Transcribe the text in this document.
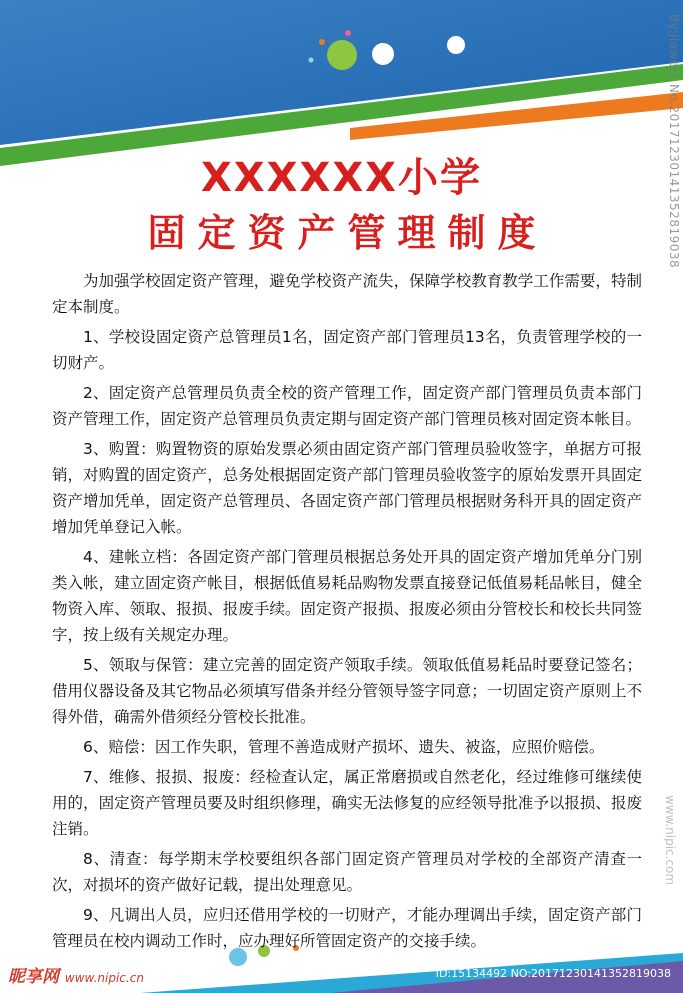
XXXXXX小学
固定资产管理制度

为加强学校固定资产管理，避免学校资产流失，保障学校教育教学工作需要，特制定本制度。

1、学校设固定资产总管理员1名，固定资产部门管理员13名，负责管理学校的一切财产。

2、固定资产总管理员负责全校的资产管理工作，固定资产部门管理员负责本部门资产管理工作，固定资产总管理员负责定期与固定资产部门管理员核对固定资本帐目。

3、购置：购置物资的原始发票必须由固定资产部门管理员验收签字，单据方可报销，对购置的固定资产，总务处根据固定资产部门管理员验收签字的原始发票开具固定资产增加凭单，固定资产总管理员、各固定资产部门管理员根据财务科开具的固定资产增加凭单登记入帐。

4、建帐立档：各固定资产部门管理员根据总务处开具的固定资产增加凭单分门别类入帐，建立固定资产帐目，根据低值易耗品购物发票直接登记低值易耗品帐目，健全物资入库、领取、报损、报废手续。固定资产报损、报废必须由分管校长和校长共同签字，按上级有关规定办理。

5、领取与保管：建立完善的固定资产领取手续。领取低值易耗品时要登记签名；借用仪器设备及其它物品必须填写借条并经分管领导签字同意；一切固定资产原则上不得外借，确需外借须经分管校长批准。

6、赔偿：因工作失职，管理不善造成财产损坏、遗失、被盗，应照价赔偿。

7、维修、报损、报废：经检查认定，属正常磨损或自然老化，经过维修可继续使用的，固定资产管理员要及时组织修理，确实无法修复的应经领导批准予以报损、报废注销。

8、清查：每学期末学校要组织各部门固定资产管理员对学校的全部资产清查一次，对损坏的资产做好记载，提出处理意见。

9、凡调出人员，应归还借用学校的一切财产，才能办理调出手续，固定资产部门管理员在校内调动工作时，应办理好所管固定资产的交接手续。

By:jiawei1 No.20171230141352819038
www.nipic.com
昵享网 www.nipic.cn	ID:15134492 NO:20171230141352819038
